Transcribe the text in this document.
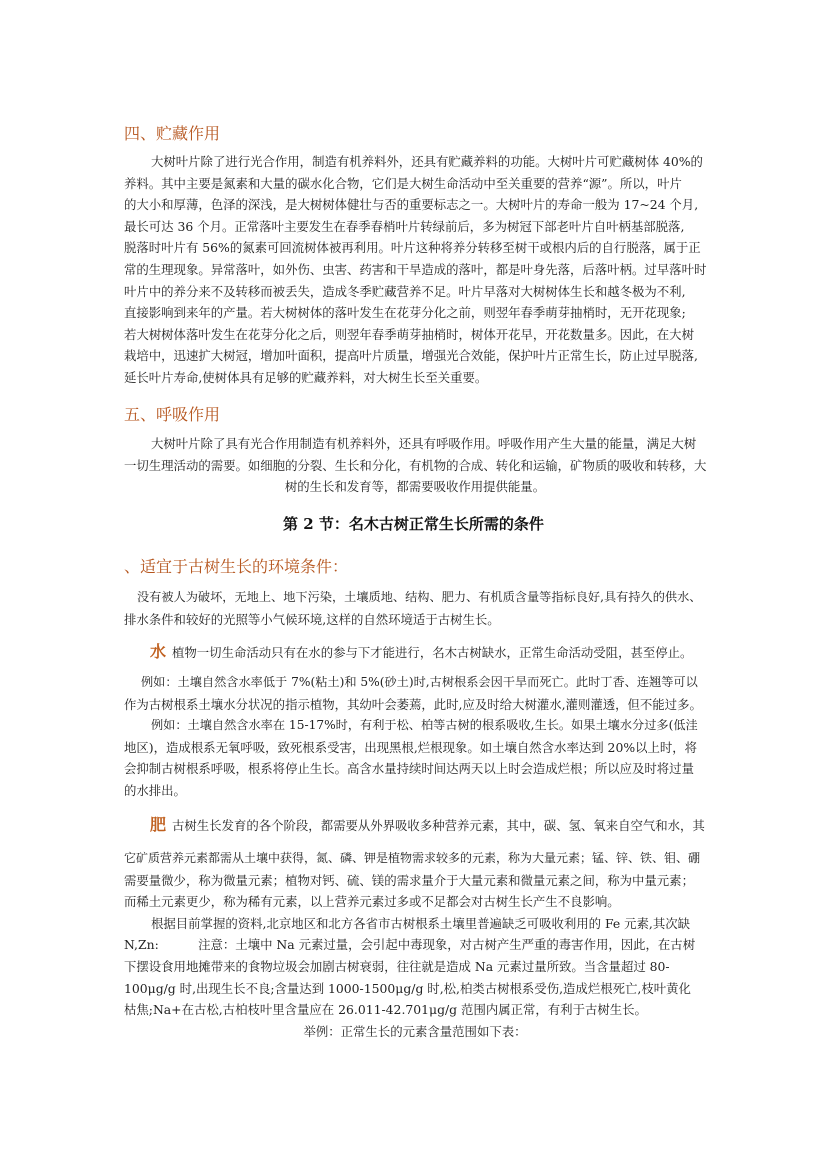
四、贮藏作用
大树叶片除了进行光合作用，制造有机养料外，还具有贮藏养料的功能。大树叶片可贮藏树体 40%的
养料。其中主要是氮素和大量的碳水化合物，它们是大树生命活动中至关重要的营养“源”。所以，叶片
的大小和厚薄，色泽的深浅，是大树树体健壮与否的重要标志之一。大树叶片的寿命一般为 17~24 个月,
最长可达 36 个月。正常落叶主要发生在春季春梢叶片转绿前后，多为树冠下部老叶片自叶柄基部脱落,
脱落时叶片有 56%的氮素可回流树体被再利用。叶片这种将养分转移至树干或根内后的自行脱落，属于正
常的生理现象。异常落叶，如外伤、虫害、药害和干旱造成的落叶，都是叶身先落，后落叶柄。过早落叶时
叶片中的养分来不及转移而被丢失，造成冬季贮藏营养不足。叶片早落对大树树体生长和越冬极为不利,
直接影响到来年的产量。若大树树体的落叶发生在花芽分化之前，则翌年春季萌芽抽梢时，无开花现象;
若大树树体落叶发生在花芽分化之后，则翌年春季萌芽抽梢时，树体开花早，开花数量多。因此，在大树
栽培中，迅速扩大树冠，增加叶面积，提高叶片质量，增强光合效能，保护叶片正常生长，防止过早脱落,
延长叶片寿命,使树体具有足够的贮藏养料，对大树生长至关重要。
五、呼吸作用
大树叶片除了具有光合作用制造有机养料外，还具有呼吸作用。呼吸作用产生大量的能量，满足大树
一切生理活动的需要。如细胞的分裂、生长和分化，有机物的合成、转化和运输，矿物质的吸收和转移，大
树的生长和发育等，都需要吸收作用提供能量。
第 2 节：名木古树正常生长所需的条件
、适宜于古树生长的环境条件：
没有被人为破坏，无地上、地下污染，土壤质地、结构、肥力、有机质含量等指标良好,具有持久的供水、
排水条件和较好的光照等小气候环境,这样的自然环境适于古树生长。
水 植物一切生命活动只有在水的参与下才能进行，名木古树缺水，正常生命活动受阻，甚至停止。
例如：土壤自然含水率低于 7%(粘土)和 5%(砂土)时,古树根系会因干旱而死亡。此时丁香、连翘等可以
作为古树根系土壤水分状况的指示植物，其幼叶会萎蔫，此时,应及时给大树灌水,灌则灌透，但不能过多。
例如：土壤自然含水率在 15-17%时，有利于松、柏等古树的根系吸收,生长。如果土壤水分过多(低洼
地区)，造成根系无氧呼吸，致死根系受害，出现黑根,烂根现象。如土壤自然含水率达到 20%以上时，将
会抑制古树根系呼吸，根系将停止生长。高含水量持续时间达两天以上时会造成烂根；所以应及时将过量
的水排出。
肥 古树生长发育的各个阶段，都需要从外界吸收多种营养元素，其中，碳、氢、氧来自空气和水，其
它矿质营养元素都需从土壤中获得，氮、磷、钾是植物需求较多的元素，称为大量元素；锰、锌、铁、钼、硼
需要量微少，称为微量元素；植物对钙、硫、镁的需求量介于大量元素和微量元素之间，称为中量元素；
而稀土元素更少，称为稀有元素，以上营养元素过多或不足都会对古树生长产生不良影响。
根据目前掌握的资料,北京地区和北方各省市古树根系土壤里普遍缺乏可吸收利用的 Fe 元素,其次缺
N,Zn:          注意：土壤中 Na 元素过量，会引起中毒现象，对古树产生严重的毒害作用，因此，在古树
下摆设食用地摊带来的食物垃圾会加剧古树衰弱，往往就是造成 Na 元素过量所致。当含量超过 80-
100μg/g 时,出现生长不良;含量达到 1000-1500μg/g 时,松,柏类古树根系受伤,造成烂根死亡,枝叶黄化
枯焦;Na+在古松,古柏枝叶里含量应在 26.011-42.701μg/g 范围内属正常，有利于古树生长。
举例：正常生长的元素含量范围如下表：
